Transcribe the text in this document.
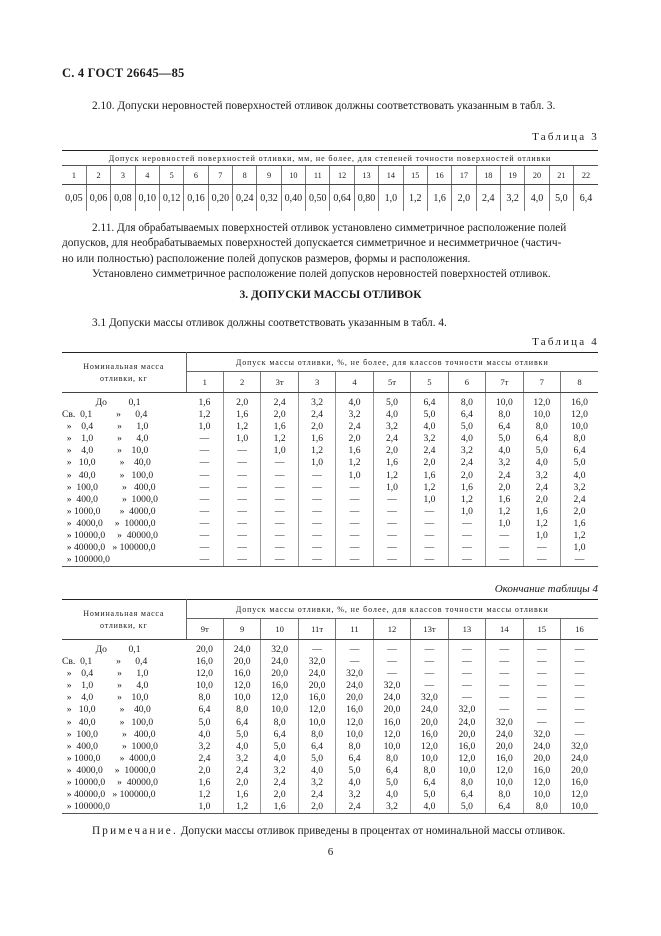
С. 4 ГОСТ 26645—85
2.10. Допуски неровностей поверхностей отливок должны соответствовать указанным в табл. 3.
Таблица 3
Допуск неровностей поверхностей отливки, мм, не более, для степеней точности поверхностей отливки																					
1	2	3	4	5	6	7	8	9	10	11	12	13	14	15	16	17	18	19	20	21	22
0,05	0,06	0,08	0,10	0,12	0,16	0,20	0,24	0,32	0,40	0,50	0,64	0,80	1,0	1,2	1,6	2,0	2,4	3,2	4,0	5,0	6,4
2.11. Для обрабатываемых поверхностей отливок установлено симметричное расположение полей
допусков, для необрабатываемых поверхностей допускается симметричное и несимметричное (частич-
но или полностью) расположение полей допусков размеров, формы и расположения.
Установлено симметричное расположение полей допусков неровностей поверхностей отливок.
3. ДОПУСКИ МАССЫ ОТЛИВОК
3.1 Допуски массы отливок должны соответствовать указанным в табл. 4.
Таблица 4
Номинальная масса
отливки, кг	Допуск массы отливки, %, не более, для классов точности массы отливки										
	1	2	3т	3	4	5т	5	6	7т	7	8
До         0,1	1,6	2,0	2,4	3,2	4,0	5,0	6,4	8,0	10,0	12,0	16,0
Св.  0,1          »      0,4	1,2	1,6	2,0	2,4	3,2	4,0	5,0	6,4	8,0	10,0	12,0
»    0,4          »      1,0	1,0	1,2	1,6	2,0	2,4	3,2	4,0	5,0	6,4	8,0	10,0
»    1,0          »      4,0	—	1,0	1,2	1,6	2,0	2,4	3,2	4,0	5,0	6,4	8,0
»    4,0          »    10,0	—	—	1,0	1,2	1,6	2,0	2,4	3,2	4,0	5,0	6,4
»   10,0          »    40,0	—	—	—	1,0	1,2	1,6	2,0	2,4	3,2	4,0	5,0
»   40,0          »   100,0	—	—	—	—	1,0	1,2	1,6	2,0	2,4	3,2	4,0
»  100,0          »   400,0	—	—	—	—	—	1,0	1,2	1,6	2,0	2,4	3,2
»  400,0          »  1000,0	—	—	—	—	—	—	1,0	1,2	1,6	2,0	2,4
» 1000,0        »  4000,0	—	—	—	—	—	—	—	1,0	1,2	1,6	2,0
»  4000,0     »  10000,0	—	—	—	—	—	—	—	—	1,0	1,2	1,6
» 10000,0     »  40000,0	—	—	—	—	—	—	—	—	—	1,0	1,2
» 40000,0   » 100000,0	—	—	—	—	—	—	—	—	—	—	1,0
» 100000,0	—	—	—	—	—	—	—	—	—	—	—
Окончание таблицы 4
Номинальная масса
отливки, кг	Допуск массы отливки, %, не более, для классов точности массы отливки										
	9т	9	10	11т	11	12	13т	13	14	15	16
До         0,1	20,0	24,0	32,0	—	—	—	—	—	—	—	—
Св.  0,1          »      0,4	16,0	20,0	24,0	32,0	—	—	—	—	—	—	—
»    0,4          »      1,0	12,0	16,0	20,0	24,0	32,0	—	—	—	—	—	—
»    1,0          »      4,0	10,0	12,0	16,0	20,0	24,0	32,0	—	—	—	—	—
»    4,0          »    10,0	8,0	10,0	12,0	16,0	20,0	24,0	32,0	—	—	—	—
»   10,0          »    40,0	6,4	8,0	10,0	12,0	16,0	20,0	24,0	32,0	—	—	—
»   40,0          »   100,0	5,0	6,4	8,0	10,0	12,0	16,0	20,0	24,0	32,0	—	—
»  100,0          »   400,0	4,0	5,0	6,4	8,0	10,0	12,0	16,0	20,0	24,0	32,0	—
»  400,0          »  1000,0	3,2	4,0	5,0	6,4	8,0	10,0	12,0	16,0	20,0	24,0	32,0
» 1000,0        »  4000,0	2,4	3,2	4,0	5,0	6,4	8,0	10,0	12,0	16,0	20,0	24,0
»  4000,0     »  10000,0	2,0	2,4	3,2	4,0	5,0	6,4	8,0	10,0	12,0	16,0	20,0
» 10000,0     »  40000,0	1,6	2,0	2,4	3,2	4,0	5,0	6,4	8,0	10,0	12,0	16,0
» 40000,0   » 100000,0	1,2	1,6	2,0	2,4	3,2	4,0	5,0	6,4	8,0	10,0	12,0
» 100000,0	1,0	1,2	1,6	2,0	2,4	3,2	4,0	5,0	6,4	8,0	10,0
Примечание. Допуски массы отливок приведены в процентах от номинальной массы отливок.
6
